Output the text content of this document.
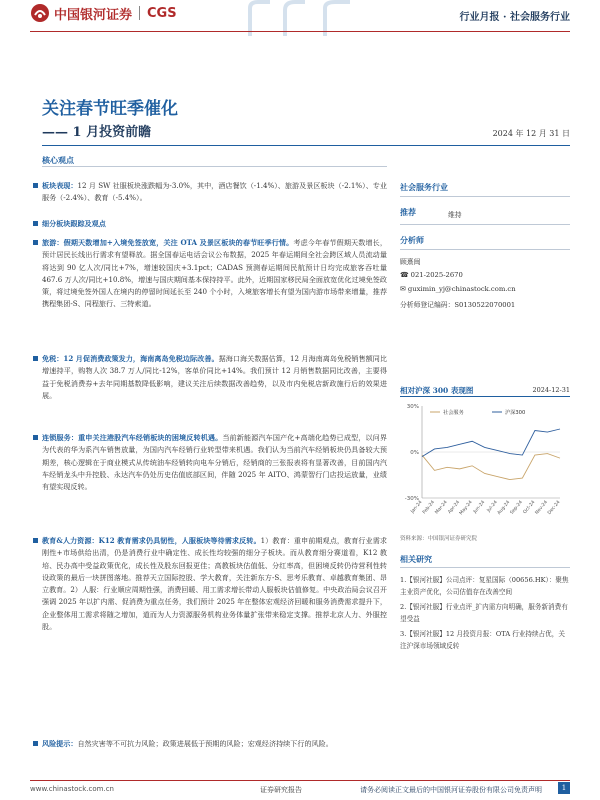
中国银河证券 CGS	行业月报 · 社会服务行业
关注春节旺季催化
—— 1 月投资前瞻	2024 年 12 月 31 日
核心观点
板块表现：12 月 SW 社服板块涨跌幅为-3.0%，其中，酒店餐饮（-1.4%）、旅游及景区板块（-2.1%）、专业服务（-2.4%）、教育（-5.4%）。
细分板块跟踪及观点
旅游：假期天数增加+入境免签放宽，关注 OTA 及景区板块的春节旺季行情。考虑今年春节假期天数增长，预计居民长线出行需求有望释放。据全国春运电话会议公布数据，2025 年春运期间全社会跨区域人员流动量将达到 90 亿人次/同比+7%，增速较国庆+3.1pct；CADAS 预测春运期间民航预计日均完成旅客吞吐量 467.6 万人次/同比+10.8%，增速与国庆期间基本保持持平。此外，近期国家移民局全面放宽优化过境免签政策，将过境免签外国人在境内的停留时间延长至 240 个小时，入境旅客增长有望为国内游市场带来增量，推荐携程集团-S、同程旅行、三特索道。
免税：12 月促消费政策发力，海南离岛免税边际改善。据海口海关数据估算，12 月海南离岛免税销售额同比增速持平，购物人次 38.7 万人/同比-12%，客单价同比+14%。我们预计 12 月销售数据同比改善，主要得益于免税消费券+去年同期基数降低影响，建议关注后续数据改善趋势，以及市内免税店新政施行后的效果进展。
连锁服务：重申关注港股汽车经销板块的困境反转机遇。当前新能源汽车国产化+高端化趋势已成型，以问界为代表的华为系汽车销售放量，为国内汽车经销行业转型带来机遇。我们认为当前汽车经销板块仍具备较大预期差，核心逻辑在于商业模式从传统油车经销转向电车分销后，经销商的三张报表将有显著改善，目前国内汽车经销龙头中升控股、永达汽车仍处历史估值底部区间，伴随 2025 年 AITO、鸿蒙智行门店投运放量，业绩有望实现反转。
教育&人力资源：K12 教育需求仍具韧性，人服板块等待需求反转。1）教育：重申前期观点，教育行业需求刚性+市场供给出清，仍是消费行业中确定性、成长性均较强的细分子板块。而从教育细分赛道看，K12 教培、民办高中受益政策优化，成长性及股东回报更佳；高教板块估值低、分红率高，但困境反转仍待营利性转设政策的最后一块拼图落地。推荐天立国际控股、学大教育，关注新东方-S、思考乐教育、卓越教育集团、昂立教育。2）人服：行业顺应周期性强，消费回暖、用工需求增长带动人服板块估值修复。中央政治局会议召开强调 2025 年以扩内需、促消费为重点任务，我们预计 2025 年在整体宏观经济回暖和服务消费需求提升下，企业整体用工需求将随之增加，道而为人力资源服务机构业务体量扩张带来稳定支撑。推荐北京人力、外服控股。
风险提示：自然灾害等不可抗力风险；政策进展低于预期的风险；宏观经济持续下行的风险。
社会服务行业
推荐	维持
分析师
顾熹闽
☎ 021-2025-2670
✉ guximin_yj@chinastock.com.cn
分析师登记编码：S0130522070001
相对沪深 300 表现图	2024-12-31
30%
0%
-30%
Jan-24
Feb-24
Mar-24
Apr-24
May-24 Jun-24 Jul-24
Aug-24
Sep-24
Oct-24
Nov-24
Dec-24
社会服务	沪深300
资料来源：中国银河证券研究院
相关研究
1.【银河社服】公司点评：复星国际（00656.HK）：聚焦主业资产优化，公司估值存在改善空间
2.【银河社服】行业点评_扩内需方向明确，服务新消费有望受益
3.【银河社服】12 月投资月报：OTA 行业持续占优，关注沪深市场领域反转
www.chinastock.com.cn	证券研究报告	请务必阅读正文最后的中国银河证券股份有限公司免责声明	1
